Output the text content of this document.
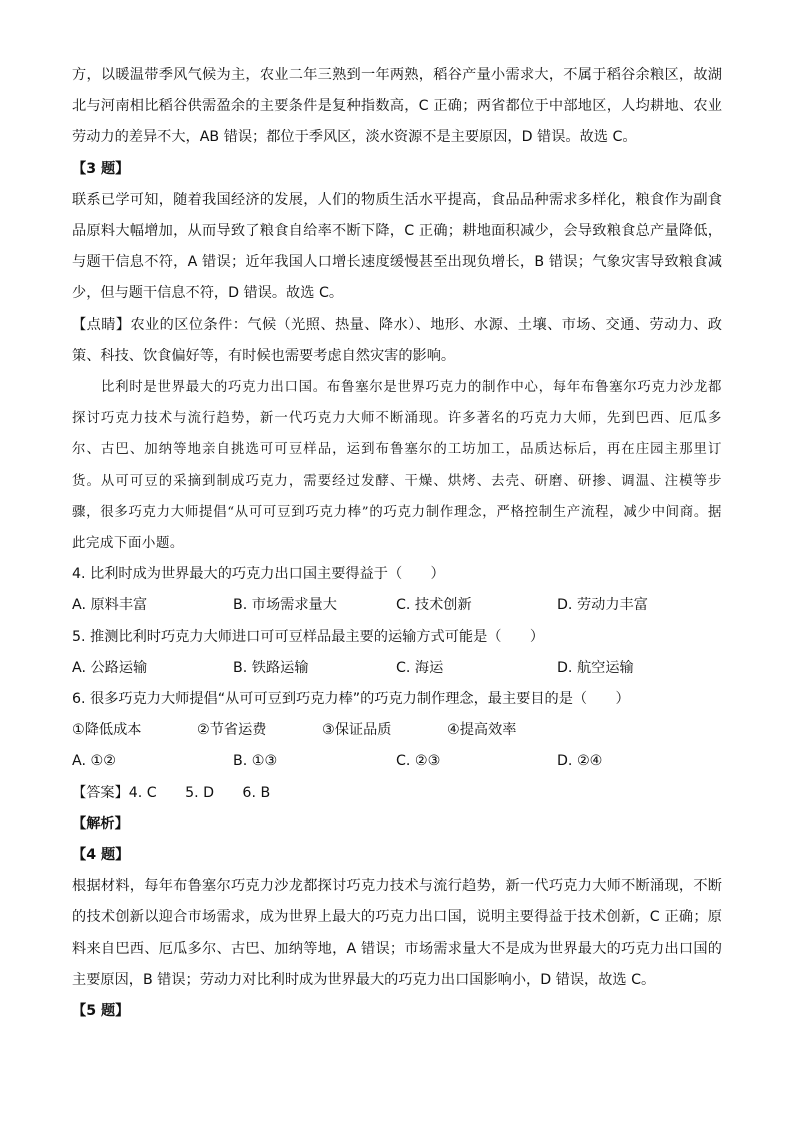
方，以暖温带季风气候为主，农业二年三熟到一年两熟，稻谷产量小需求大，不属于稻谷余粮区，故湖北与河南相比稻谷供需盈余的主要条件是复种指数高，C 正确；两省都位于中部地区，人均耕地、农业劳动力的差异不大，AB 错误；都位于季风区，淡水资源不是主要原因，D 错误。故选 C。

【3 题】

联系已学可知，随着我国经济的发展，人们的物质生活水平提高，食品品种需求多样化，粮食作为副食品原料大幅增加，从而导致了粮食自给率不断下降，C 正确；耕地面积减少，会导致粮食总产量降低，与题干信息不符，A 错误；近年我国人口增长速度缓慢甚至出现负增长，B 错误；气象灾害导致粮食减少，但与题干信息不符，D 错误。故选 C。

【点睛】农业的区位条件：气候（光照、热量、降水）、地形、水源、土壤、市场、交通、劳动力、政策、科技、饮食偏好等，有时候也需要考虑自然灾害的影响。

比利时是世界最大的巧克力出口国。布鲁塞尔是世界巧克力的制作中心，每年布鲁塞尔巧克力沙龙都探讨巧克力技术与流行趋势，新一代巧克力大师不断涌现。许多著名的巧克力大师，先到巴西、厄瓜多尔、古巴、加纳等地亲自挑选可可豆样品，运到布鲁塞尔的工坊加工，品质达标后，再在庄园主那里订货。从可可豆的采摘到制成巧克力，需要经过发酵、干燥、烘烤、去壳、研磨、研掺、调温、注模等步骤，很多巧克力大师提倡“从可可豆到巧克力棒”的巧克力制作理念，严格控制生产流程，减少中间商。据此完成下面小题。

4. 比利时成为世界最大的巧克力出口国主要得益于（　　）

A. 原料丰富	B. 市场需求量大	C. 技术创新	D. 劳动力丰富

5. 推测比利时巧克力大师进口可可豆样品最主要的运输方式可能是（　　）

A. 公路运输	B. 铁路运输	C. 海运	D. 航空运输

6. 很多巧克力大师提倡“从可可豆到巧克力棒”的巧克力制作理念，最主要目的是（　　）

①降低成本	②节省运费	③保证品质	④提高效率
A. ①②	B. ①③	C. ②③	D. ②④

【答案】4. C　　5. D　　6. B

【解析】

【4 题】

根据材料，每年布鲁塞尔巧克力沙龙都探讨巧克力技术与流行趋势，新一代巧克力大师不断涌现，不断的技术创新以迎合市场需求，成为世界上最大的巧克力出口国，说明主要得益于技术创新，C 正确；原料来自巴西、厄瓜多尔、古巴、加纳等地，A 错误；市场需求量大不是成为世界最大的巧克力出口国的主要原因，B 错误；劳动力对比利时成为世界最大的巧克力出口国影响小，D 错误，故选 C。

【5 题】
